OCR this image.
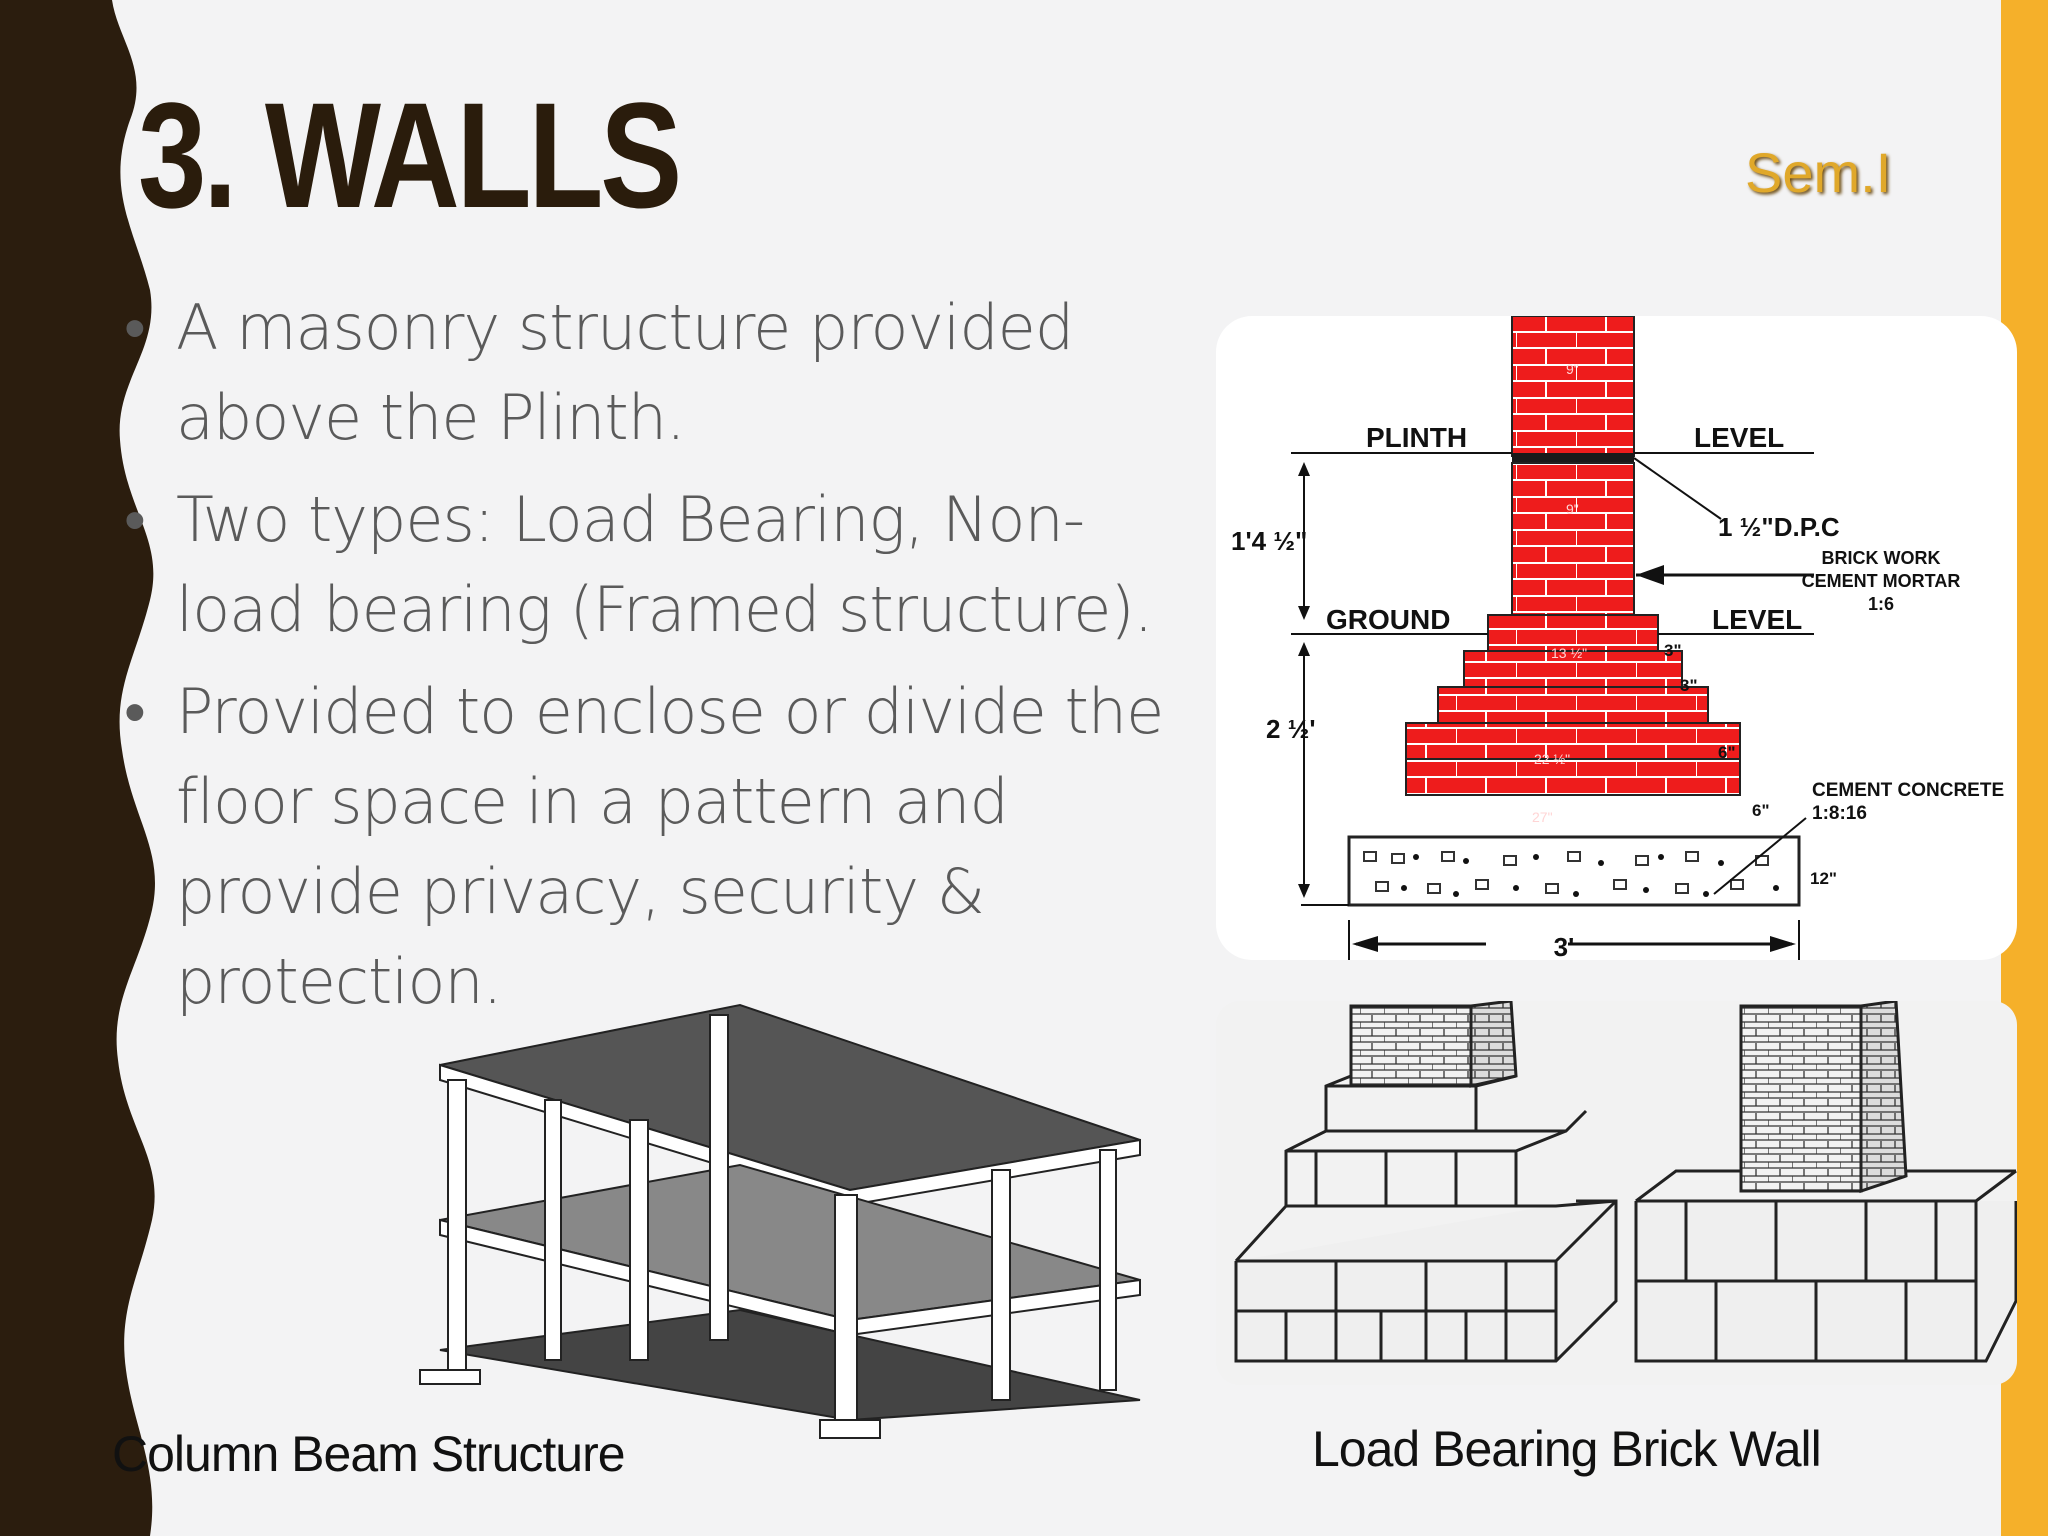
3. WALLS	Sem.I
• A masonry structure provided above the Plinth.
• Two types: Load Bearing, Non-load bearing (Framed structure).
• Provided to enclose or divide the floor space in a pattern and provide privacy, security & protection.
PLINTH	LEVEL
GROUND	LEVEL
1 ½"D.P.C
1'4 ½"
2 ½'
BRICK WORK
CEMENT MORTAR
1:6
CEMENT CONCRETE
1:8:16
3"
3"
6"
6"
12"
3'
9"
9"
13 ½"
22 ½"
27"
Column Beam Structure	Load Bearing Brick Wall
